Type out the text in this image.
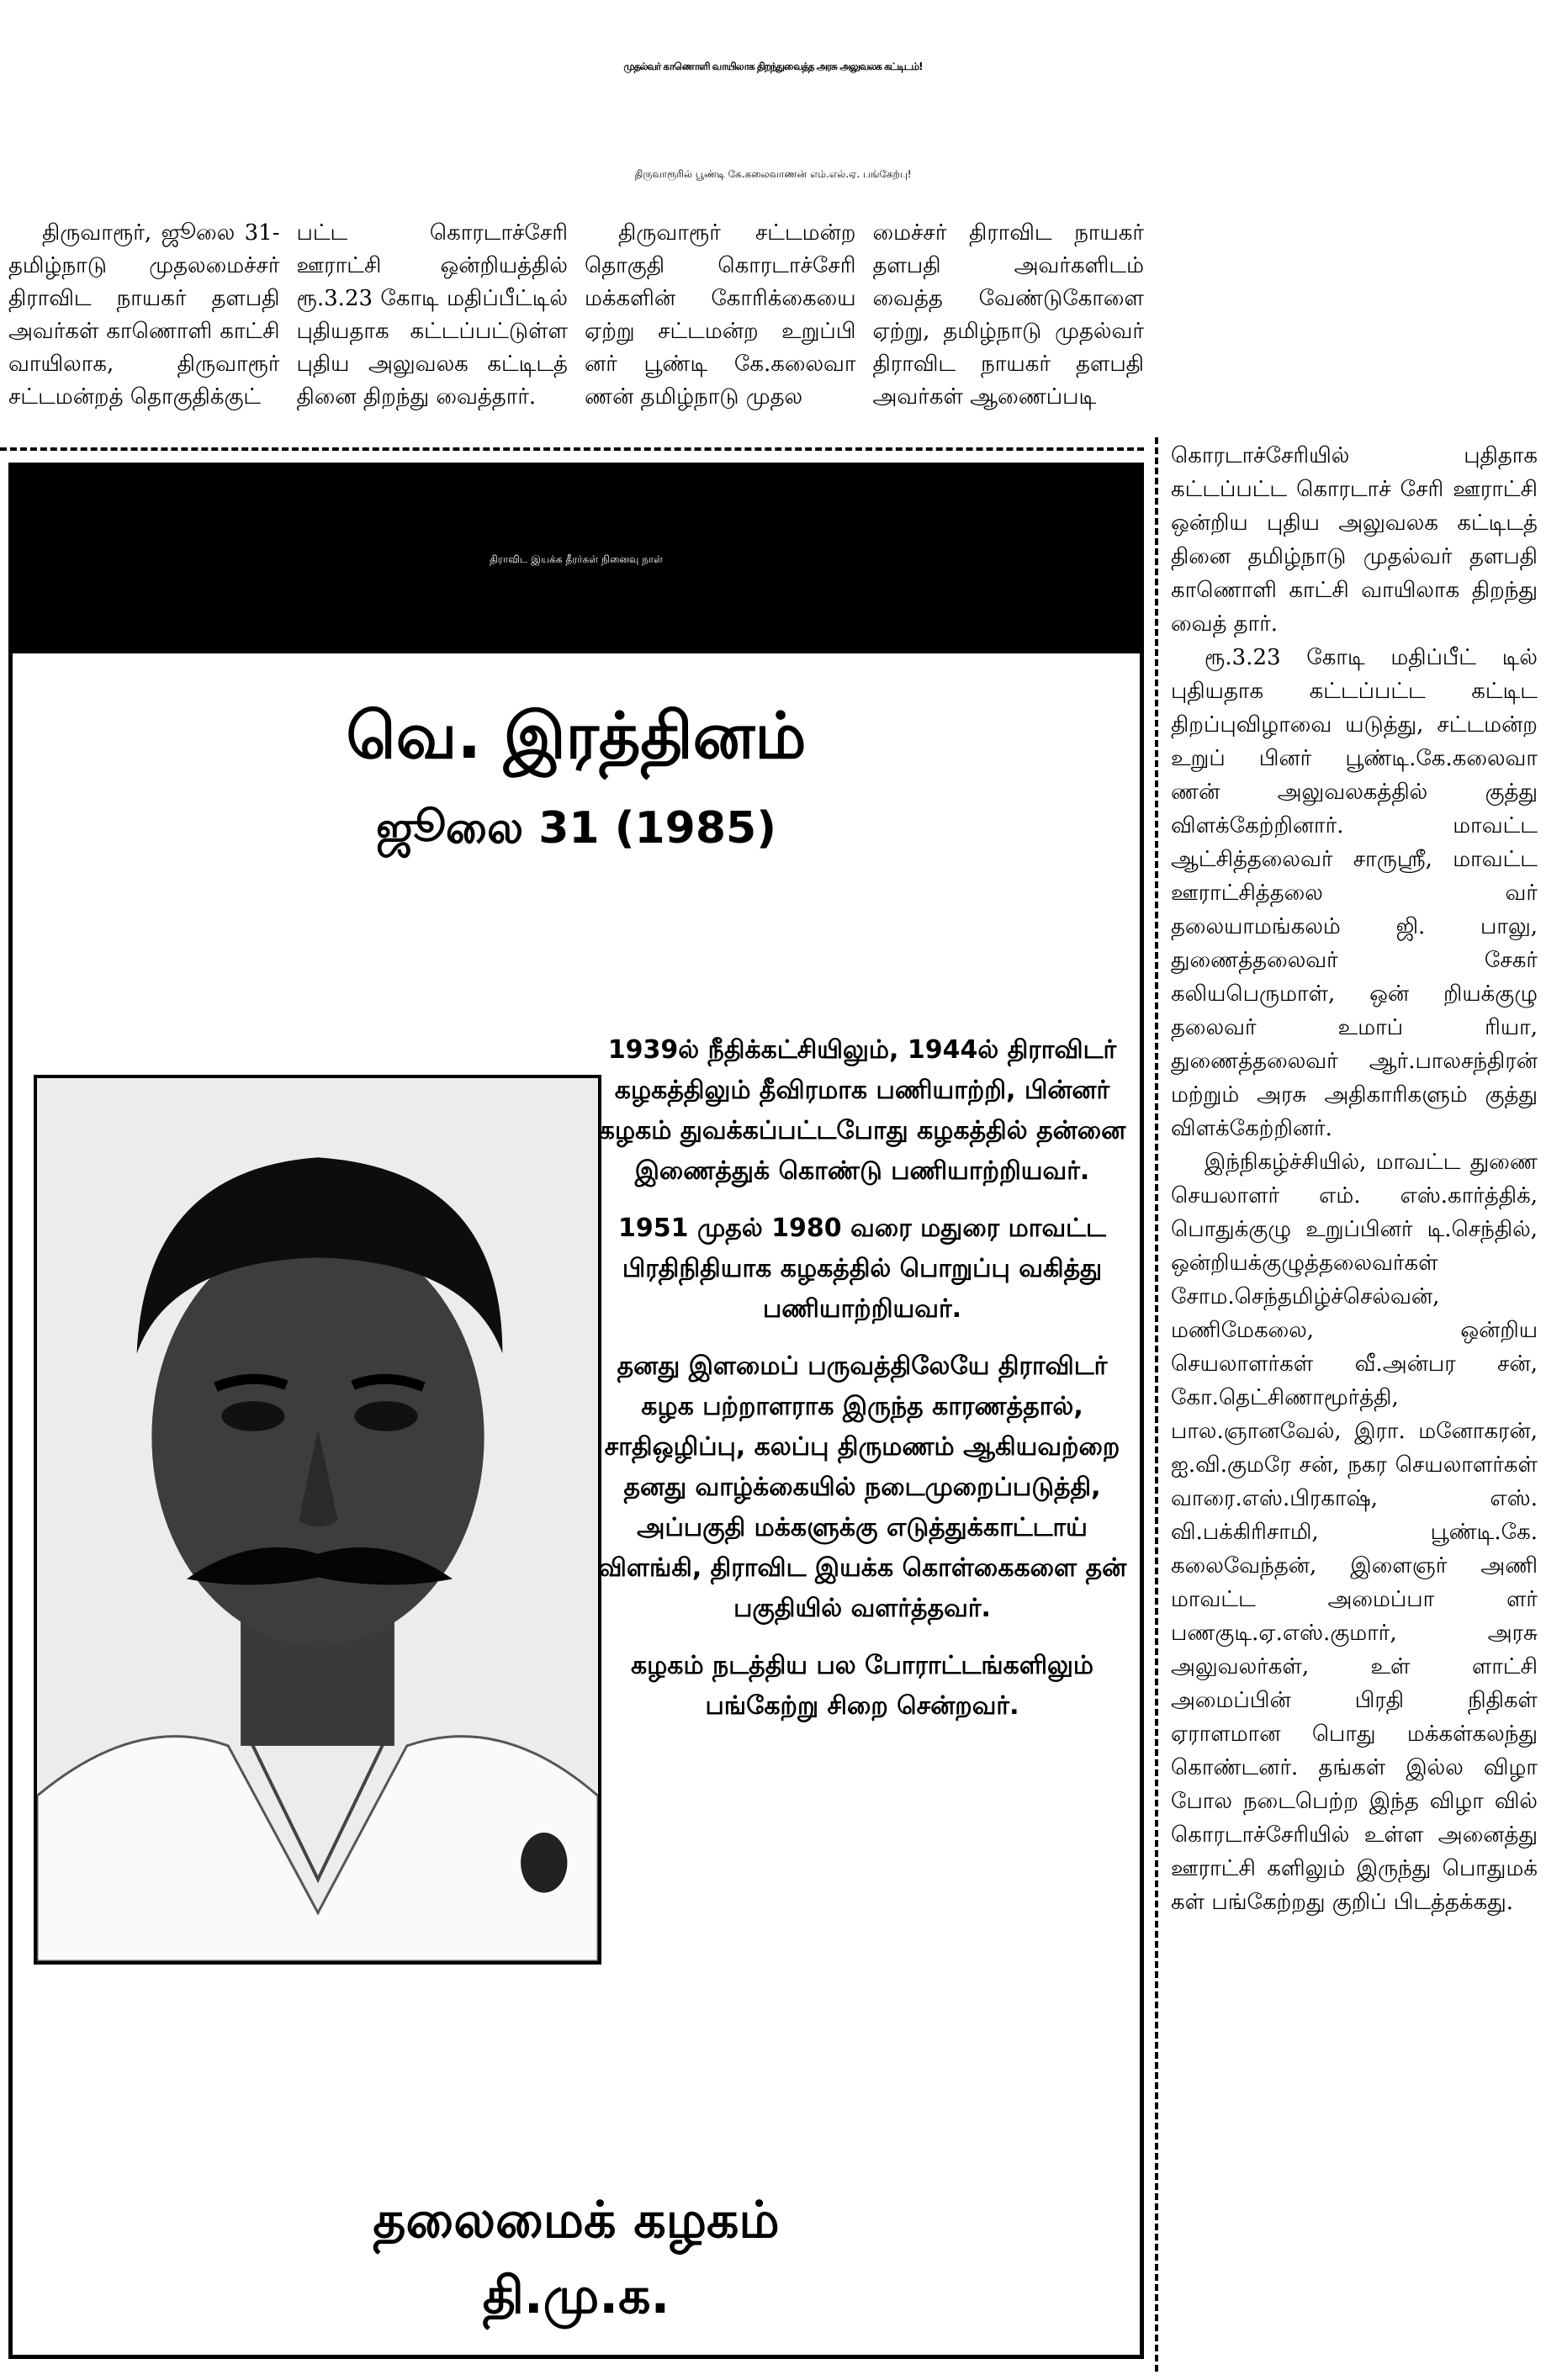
முதல்வர் காணொளி வாயிலாக திறந்துவைத்த அரசு அலுவலக கட்டிடம்!
திருவாரூரில் பூண்டி கே.கலைவாணன் எம்.எல்.ஏ. பங்கேற்பு!

திருவாரூர், ஜூலை 31- தமிழ்நாடு முதலமைச்சர் திராவிட நாயகர் தளபதி அவர்கள் காணொளி காட்சி வாயிலாக, திருவாரூர் சட்டமன்றத் தொகுதிக்குட்

பட்ட கொரடாச்சேரி ஊராட்சி ஒன்றியத்தில் ரூ.3.23 கோடி மதிப்பீட்டில் புதியதாக கட்டப்பட்டுள்ள புதிய அலுவலக கட்டிடத் தினை திறந்து வைத்தார்.

திருவாரூர் சட்டமன்ற தொகுதி கொரடாச்சேரி மக்களின் கோரிக்கையை ஏற்று சட்டமன்ற உறுப்பி னர் பூண்டி கே.கலைவா ணன் தமிழ்நாடு முதல

மைச்சர் திராவிட நாயகர் தளபதி அவர்களிடம் வைத்த வேண்டுகோளை ஏற்று, தமிழ்நாடு முதல்வர் திராவிட நாயகர் தளபதி அவர்கள் ஆணைப்படி

கொரடாச்சேரியில் புதிதாக கட்டப்பட்ட கொரடாச் சேரி ஊராட்சி ஒன்றிய புதிய அலுவலக கட்டிடத் தினை தமிழ்நாடு முதல்வர் தளபதி காணொளி காட்சி வாயிலாக திறந்து வைத் தார்.

ரூ.3.23 கோடி மதிப்பீட் டில் புதியதாக கட்டப்பட்ட கட்டிட திறப்புவிழாவை யடுத்து, சட்டமன்ற உறுப் பினர் பூண்டி.கே.கலைவா ணன் அலுவலகத்தில் குத்து விளக்கேற்றினார். மாவட்ட ஆட்சித்தலைவர் சாருஸ்ரீ, மாவட்ட ஊராட்சித்தலை வர் தலையாமங்கலம் ஜி. பாலு, துணைத்தலைவர் சேகர் கலியபெருமாள், ஒன் றியக்குழு தலைவர் உமாப் ரியா, துணைத்தலைவர் ஆர்.பாலசந்திரன் மற்றும் அரசு அதிகாரிகளும் குத்து விளக்கேற்றினர்.

இந்நிகழ்ச்சியில், மாவட்ட துணை செயலாளர் எம். எஸ்.கார்த்திக், பொதுக்குழு உறுப்பினர் டி.செந்தில், ஒன்றியக்குழுத்தலைவர்கள் சோம.செந்தமிழ்ச்செல்வன், மணிமேகலை, ஒன்றிய செயலாளர்கள் வீ.அன்பர சன், கோ.தெட்சிணாமூர்த்தி, பால.ஞானவேல், இரா. மனோகரன், ஐ.வி.குமரே சன், நகர செயலாளர்கள் வாரை.எஸ்.பிரகாஷ், எஸ். வி.பக்கிரிசாமி, பூண்டி.கே. கலைவேந்தன், இளைஞர் அணி மாவட்ட அமைப்பா ளர் பணகுடி.ஏ.எஸ்.குமார், அரசு அலுவலர்கள், உள் ளாட்சி அமைப்பின் பிரதி நிதிகள் ஏராளமான பொது மக்கள்கலந்து கொண்டனர். தங்கள் இல்ல விழா போல நடைபெற்ற இந்த விழா வில் கொரடாச்சேரியில் உள்ள அனைத்து ஊராட்சி களிலும் இருந்து பொதுமக் கள் பங்கேற்றது குறிப் பிடத்தக்கது.

திராவிட இயக்க தீரர்கள் நினைவு நாள்
வெ. இரத்தினம்
ஜூலை 31 (1985)

1939ல் நீதிக்கட்சியிலும், 1944ல் திராவிடர் கழகத்திலும் தீவிரமாக பணியாற்றி, பின்னர் கழகம் துவக்கப்பட்டபோது கழகத்தில் தன்னை இணைத்துக் கொண்டு பணியாற்றியவர்.

1951 முதல் 1980 வரை மதுரை மாவட்ட பிரதிநிதியாக கழகத்தில் பொறுப்பு வகித்து பணியாற்றியவர்.

தனது இளமைப் பருவத்திலேயே திராவிடர் கழக பற்றாளராக இருந்த காரணத்தால், சாதிஒழிப்பு, கலப்பு திருமணம் ஆகியவற்றை தனது வாழ்க்கையில் நடைமுறைப்படுத்தி, அப்பகுதி மக்களுக்கு எடுத்துக்காட்டாய் விளங்கி, திராவிட இயக்க கொள்கைகளை தன் பகுதியில் வளர்த்தவர்.

கழகம் நடத்திய பல போராட்டங்களிலும் பங்கேற்று சிறை சென்றவர்.

தலைமைக் கழகம்
தி.மு.க.
